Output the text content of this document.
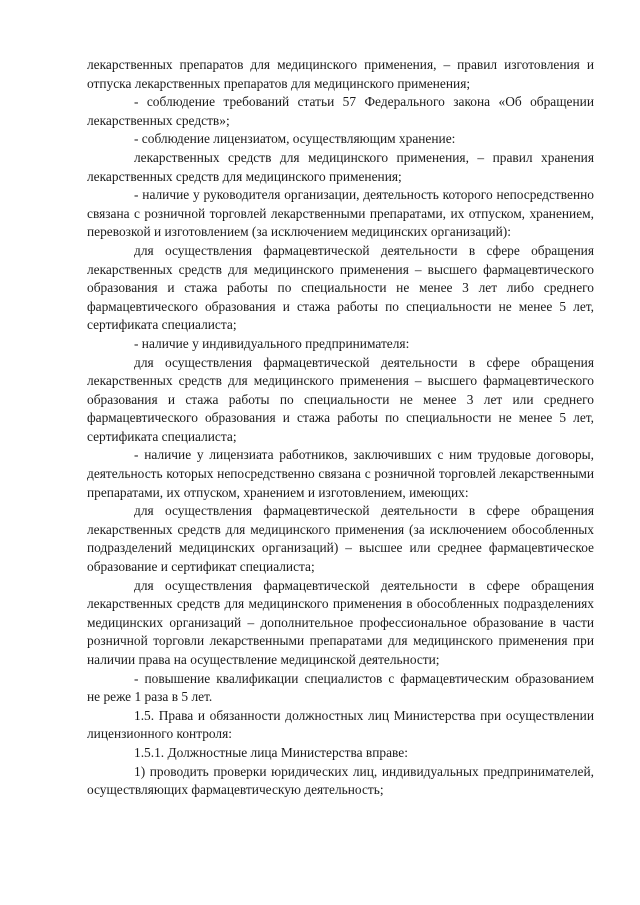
лекарственных препаратов для медицинского применения, – правил изготовления и отпуска лекарственных препаратов для медицинского применения;

- соблюдение требований статьи 57 Федерального закона «Об обращении лекарственных средств»;

- соблюдение лицензиатом, осуществляющим хранение:

лекарственных средств для медицинского применения, – правил хранения лекарственных средств для медицинского применения;

- наличие у руководителя организации, деятельность которого непосредственно связана с розничной торговлей лекарственными препаратами, их отпуском, хранением, перевозкой и изготовлением (за исключением медицинских организаций):

для осуществления фармацевтической деятельности в сфере обращения лекарственных средств для медицинского применения – высшего фармацевтического образования и стажа работы по специальности не менее 3 лет либо среднего фармацевтического образования и стажа работы по специальности не менее 5 лет, сертификата специалиста;

- наличие у индивидуального предпринимателя:

для осуществления фармацевтической деятельности в сфере обращения лекарственных средств для медицинского применения – высшего фармацевтического образования и стажа работы по специальности не менее 3 лет или среднего фармацевтического образования и стажа работы по специальности не менее 5 лет, сертификата специалиста;

- наличие у лицензиата работников, заключивших с ним трудовые договоры, деятельность которых непосредственно связана с розничной торговлей лекарственными препаратами, их отпуском, хранением и изготовлением, имеющих:

для осуществления фармацевтической деятельности в сфере обращения лекарственных средств для медицинского применения (за исключением обособленных подразделений медицинских организаций) – высшее или среднее фармацевтическое образование и сертификат специалиста;

для осуществления фармацевтической деятельности в сфере обращения лекарственных средств для медицинского применения в обособленных подразделениях медицинских организаций – дополнительное профессиональное образование в части розничной торговли лекарственными препаратами для медицинского применения при наличии права на осуществление медицинской деятельности;

- повышение квалификации специалистов с фармацевтическим образованием не реже 1 раза в 5 лет.

1.5. Права и обязанности должностных лиц Министерства при осуществлении лицензионного контроля:

1.5.1. Должностные лица Министерства вправе:

1) проводить проверки юридических лиц, индивидуальных предпринимателей, осуществляющих фармацевтическую деятельность;
